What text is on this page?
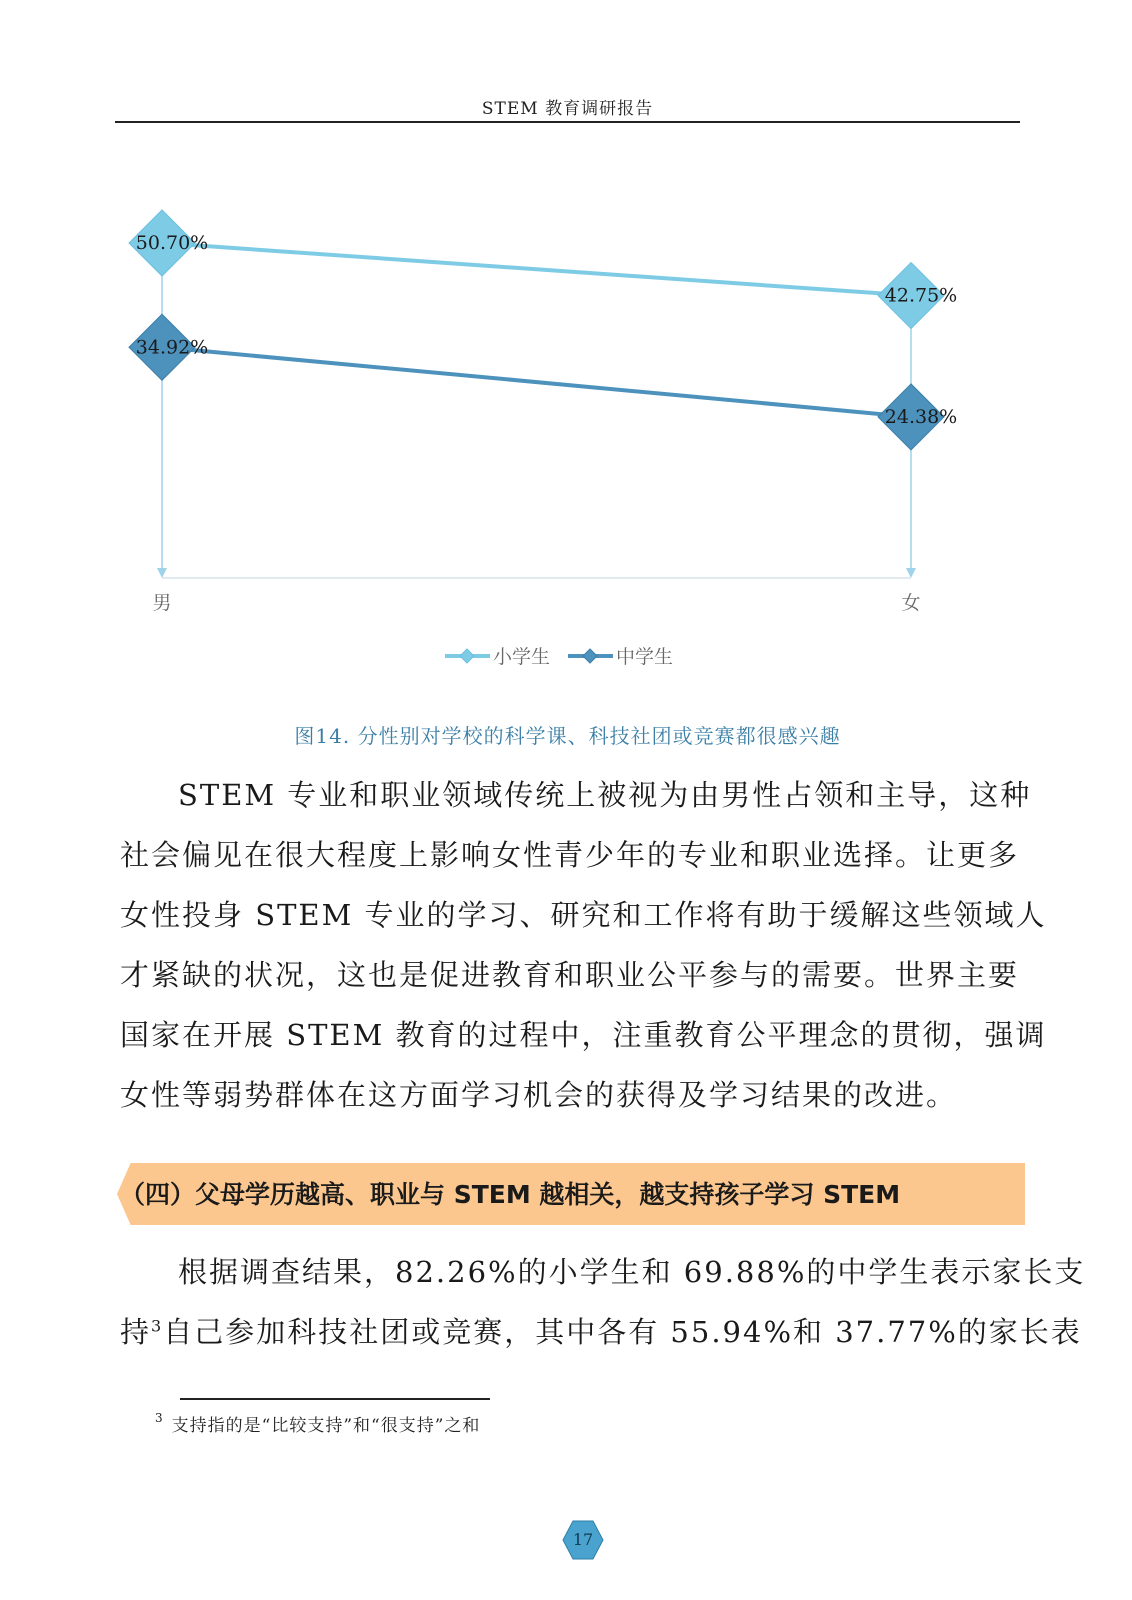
STEM 教育调研报告
男	女
50.70%
42.75%
34.92%
24.38%
小学生	中学生
图14. 分性别对学校的科学课、科技社团或竞赛都很感兴趣
STEM 专业和职业领域传统上被视为由男性占领和主导，这种
社会偏见在很大程度上影响女性青少年的专业和职业选择。让更多
女性投身 STEM 专业的学习、研究和工作将有助于缓解这些领域人
才紧缺的状况，这也是促进教育和职业公平参与的需要。世界主要
国家在开展 STEM 教育的过程中，注重教育公平理念的贯彻，强调
女性等弱势群体在这方面学习机会的获得及学习结果的改进。
（四）父母学历越高、职业与 STEM 越相关，越支持孩子学习 STEM
根据调查结果，82.26%的小学生和 69.88%的中学生表示家长支
持$^3$自己参加科技社团或竞赛，其中各有 55.94%和 37.77%的家长表
$^3$ 支持指的是“比较支持”和“很支持”之和
17
